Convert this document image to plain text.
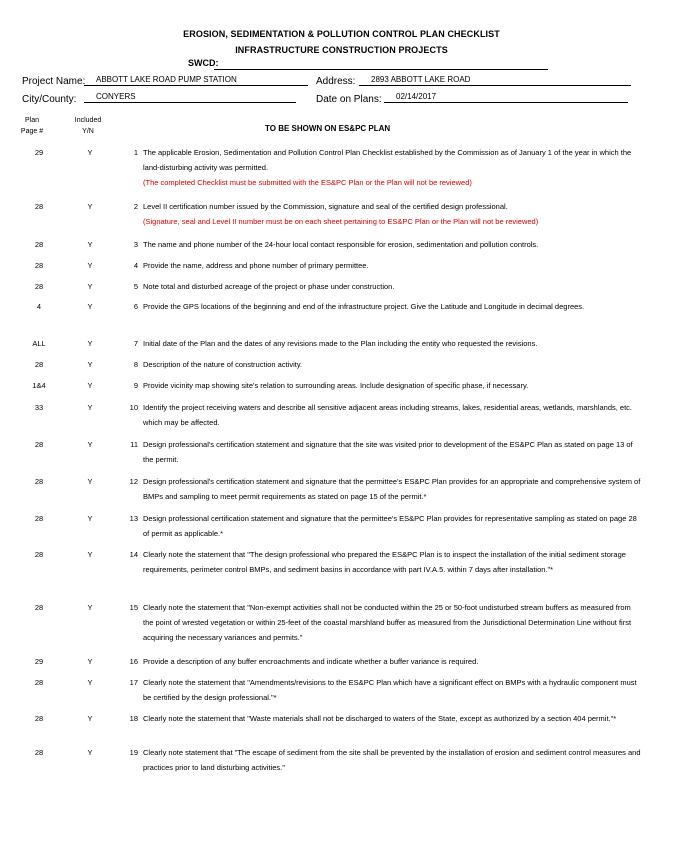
EROSION, SEDIMENTATION & POLLUTION CONTROL PLAN CHECKLIST
INFRASTRUCTURE CONSTRUCTION PROJECTS
SWCD:
Project Name: ABBOTT LAKE ROAD PUMP STATION	Address: 2893 ABBOTT LAKE ROAD
City/County: CONYERS	Date on Plans: 02/14/2017
Plan
Page #
Included
Y/N	TO BE SHOWN ON ES&PC PLAN
29	Y	1 The applicable Erosion, Sedimentation and Pollution Control Plan Checklist established by the Commission as of January 1 of the year in which the land-disturbing activity was permitted.
(The completed Checklist must be submitted with the ES&PC Plan or the Plan will not be reviewed)
28	Y	2 Level II certification number issued by the Commission, signature and seal of the certified design professional.
(Signature, seal and Level II number must be on each sheet pertaining to ES&PC Plan or the Plan will not be reviewed)
28	Y	3 The name and phone number of the 24-hour local contact responsible for erosion, sedimentation and pollution controls.
28	Y	4 Provide the name, address and phone number of primary permittee.
28	Y	5 Note total and disturbed acreage of the project or phase under construction.
4	Y	6 Provide the GPS locations of the beginning and end of the infrastructure project. Give the Latitude and Longitude in decimal degrees.
ALL	Y	7 Initial date of the Plan and the dates of any revisions made to the Plan including the entity who requested the revisions.
28	Y	8 Description of the nature of construction activity.
1&4	Y	9 Provide vicinity map showing site's relation to surrounding areas. Include designation of specific phase, if necessary.
33	Y	10 Identify the project receiving waters and describe all sensitive adjacent areas including streams, lakes, residential areas, wetlands, marshlands, etc. which may be affected.
28	Y	11 Design professional's certification statement and signature that the site was visited prior to development of the ES&PC Plan as stated on page 13 of the permit.
28	Y	12 Design professional's certification statement and signature that the permittee's ES&PC Plan provides for an appropriate and comprehensive system of BMPs and sampling to meet permit requirements as stated on page 15 of the permit.*
28	Y	13 Design professional certification statement and signature that the permittee's ES&PC Plan provides for representative sampling as stated on page 28 of permit as applicable.*
28	Y	14 Clearly note the statement that "The design professional who prepared the ES&PC Plan is to inspect the installation of the initial sediment storage requirements, perimeter control BMPs, and sediment basins in accordance with part IV.A.5. within 7 days after installation."*
28	Y	15 Clearly note the statement that "Non-exempt activities shall not be conducted within the 25 or 50-foot undisturbed stream buffers as measured from the point of wrested vegetation or within 25-feet of the coastal marshland buffer as measured from the Jurisdictional Determination Line without first acquiring the necessary variances and permits."
29	Y	16 Provide a description of any buffer encroachments and indicate whether a buffer variance is required.
28	Y	17 Clearly note the statement that "Amendments/revisions to the ES&PC Plan which have a significant effect on BMPs with a hydraulic component must be certified by the design professional."*
28	Y	18 Clearly note the statement that "Waste materials shall not be discharged to waters of the State, except as authorized by a section 404 permit."*
28	Y	19 Clearly note statement that "The escape of sediment from the site shall be prevented by the installation of erosion and sediment control measures and practices prior to land disturbing activities."
